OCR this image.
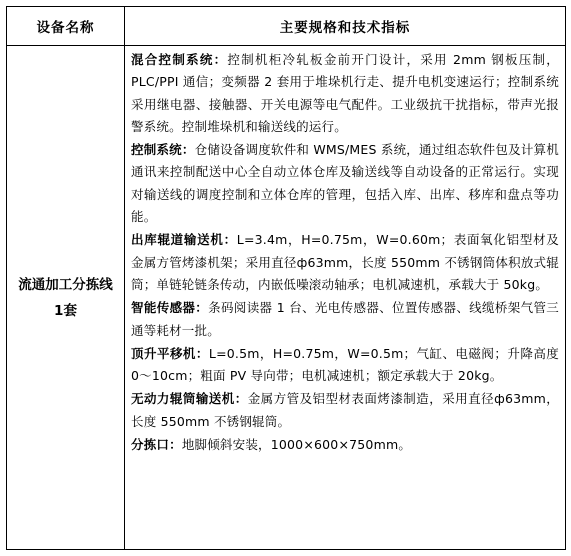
设备名称	主要规格和技术指标
流通加工分拣线
1套

混合控制系统：控制机柜冷轧板金前开门设计，采用 2mm 钢板压制，PLC/PPI 通信；变频器 2 套用于堆垛机行走、提升电机变速运行；控制系统采用继电器、接触器、开关电源等电气配件。工业级抗干扰指标，带声光报警系统。控制堆垛机和输送线的运行。

控制系统：仓储设备调度软件和 WMS/MES 系统，通过组态软件包及计算机通讯来控制配送中心全自动立体仓库及输送线等自动设备的正常运行。实现对输送线的调度控制和立体仓库的管理，包括入库、出库、移库和盘点等功能。

出库辊道输送机：L=3.4m，H=0.75m，W=0.60m；表面氧化铝型材及金属方管烤漆机架；采用直径ф63mm，长度 550mm 不锈钢筒体积放式辊筒；单链轮链条传动，内嵌低噪滚动轴承；电机减速机，承载大于 50kg。

智能传感器：条码阅读器 1 台、光电传感器、位置传感器、线缆桥架气管三通等耗材一批。

顶升平移机：L=0.5m，H=0.75m，W=0.5m；气缸、电磁阀；升降高度 0～10cm；粗面 PV 导向带；电机减速机；额定承载大于 20kg。

无动力辊筒输送机：金属方管及铝型材表面烤漆制造，采用直径ф63mm，长度 550mm 不锈钢辊筒。

分拣口：地脚倾斜安装，1000×600×750mm。
